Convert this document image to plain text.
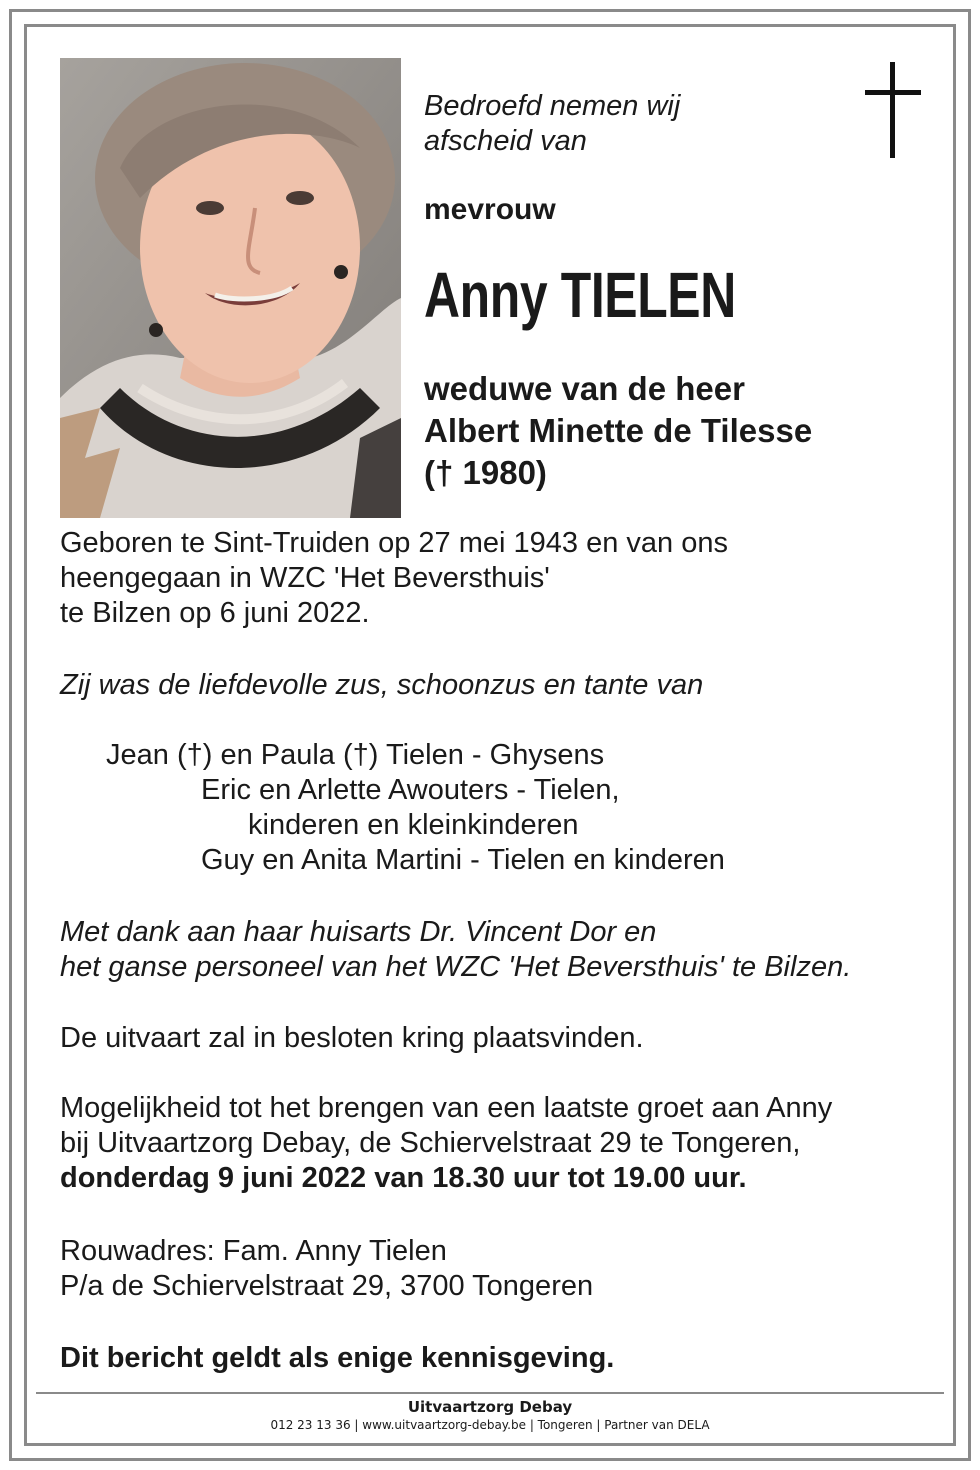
Bedroefd nemen wij
afscheid van
mevrouw
Anny TIELEN
weduwe van de heer
Albert Minette de Tilesse
(† 1980)
Geboren te Sint-Truiden op 27 mei 1943 en van ons
heengegaan in WZC 'Het Beversthuis'
te Bilzen op 6 juni 2022.
Zij was de liefdevolle zus, schoonzus en tante van
Jean (†) en Paula (†) Tielen - Ghysens
Eric en Arlette Awouters - Tielen,
kinderen en kleinkinderen
Guy en Anita Martini - Tielen en kinderen
Met dank aan haar huisarts Dr. Vincent Dor en
het ganse personeel van het WZC 'Het Beversthuis' te Bilzen.
De uitvaart zal in besloten kring plaatsvinden.
Mogelijkheid tot het brengen van een laatste groet aan Anny
bij Uitvaartzorg Debay, de Schiervelstraat 29 te Tongeren,
donderdag 9 juni 2022 van 18.30 uur tot 19.00 uur.
Rouwadres: Fam. Anny Tielen
P/a de Schiervelstraat 29, 3700 Tongeren
Dit bericht geldt als enige kennisgeving.
Uitvaartzorg Debay
012 23 13 36 | www.uitvaartzorg-debay.be | Tongeren | Partner van DELA
